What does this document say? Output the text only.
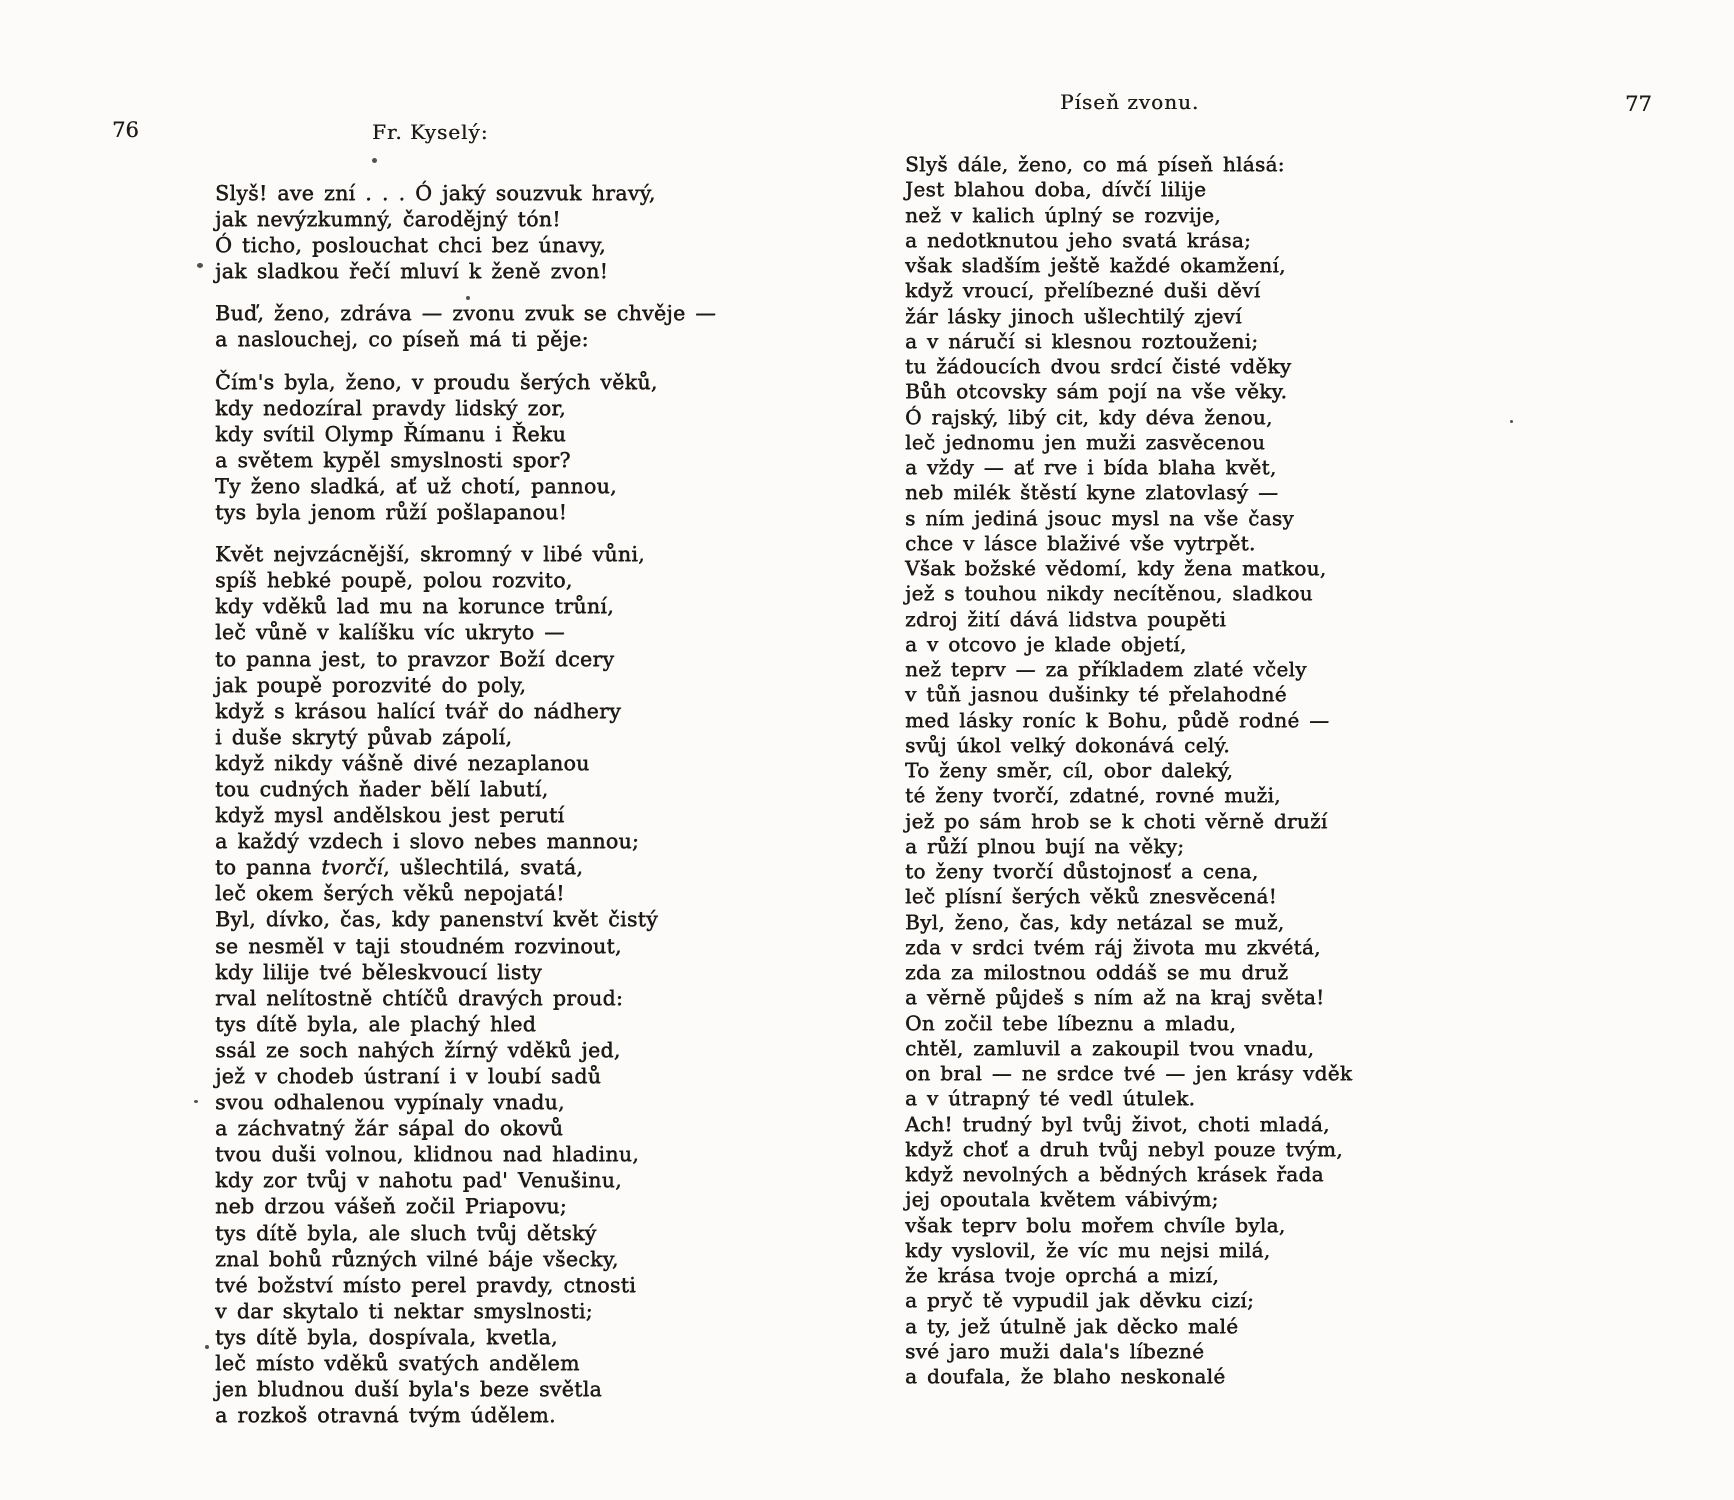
76	Fr. Kyselý:

Slyš! ave zní . . . Ó jaký souzvuk hravý,

jak nevýzkumný, čarodějný tón!

Ó ticho, poslouchat chci bez únavy,

jak sladkou řečí mluví k ženě zvon!

Buď, ženo, zdráva — zvonu zvuk se chvěje —

a naslouchej, co píseň má ti pěje:

Čím's byla, ženo, v proudu šerých věků,

kdy nedozíral pravdy lidský zor,

kdy svítil Olymp Římanu i Řeku

a světem kypěl smyslnosti spor?

Ty ženo sladká, ať už chotí, pannou,

tys byla jenom růží pošlapanou!

Květ nejvzácnější, skromný v libé vůni,

spíš hebké poupě, polou rozvito,

kdy vděků lad mu na korunce trůní,

leč vůně v kalíšku víc ukryto —

to panna jest, to pravzor Boží dcery

jak poupě porozvité do poly,

když s krásou halící tvář do nádhery

i duše skrytý půvab zápolí,

když nikdy vášně divé nezaplanou

tou cudných ňader bělí labutí,

když mysl andělskou jest perutí

a každý vzdech i slovo nebes mannou;

to panna tvorčí, ušlechtilá, svatá,

leč okem šerých věků nepojatá!

Byl, dívko, čas, kdy panenství květ čistý

se nesměl v taji stoudném rozvinout,

kdy lilije tvé běleskvoucí listy

rval nelítostně chtíčů dravých proud:

tys dítě byla, ale plachý hled

ssál ze soch nahých žírný vděků jed,

jež v chodeb ústraní i v loubí sadů

svou odhalenou vypínaly vnadu,

a záchvatný žár sápal do okovů

tvou duši volnou, klidnou nad hladinu,

kdy zor tvůj v nahotu pad' Venušinu,

neb drzou vášeň zočil Priapovu;

tys dítě byla, ale sluch tvůj dětský

znal bohů různých vilné báje všecky,

tvé božství místo perel pravdy, ctnosti

v dar skytalo ti nektar smyslnosti;

tys dítě byla, dospívala, kvetla,

leč místo vděků svatých andělem

jen bludnou duší byla's beze světla

a rozkoš otravná tvým údělem.

Píseň zvonu.	77

Slyš dále, ženo, co má píseň hlásá:

Jest blahou doba, dívčí lilije

než v kalich úplný se rozvije,

a nedotknutou jeho svatá krása;

však sladším ještě každé okamžení,

když vroucí, přelíbezné duši děví

žár lásky jinoch ušlechtilý zjeví

a v náručí si klesnou roztouženi;

tu žádoucích dvou srdcí čisté vděky

Bůh otcovsky sám pojí na vše věky.

Ó rajský, libý cit, kdy déva ženou,

leč jednomu jen muži zasvěcenou

a vždy — ať rve i bída blaha květ,

neb milék štěstí kyne zlatovlasý —

s ním jediná jsouc mysl na vše časy

chce v lásce blaživé vše vytrpět.

Však božské vědomí, kdy žena matkou,

jež s touhou nikdy necítěnou, sladkou

zdroj žití dává lidstva poupěti

a v otcovo je klade objetí,

než teprv — za příkladem zlaté včely

v tůň jasnou dušinky té přelahodné

med lásky roníc k Bohu, půdě rodné —

svůj úkol velký dokonává celý.

To ženy směr, cíl, obor daleký,

té ženy tvorčí, zdatné, rovné muži,

jež po sám hrob se k choti věrně druží

a růží plnou bují na věky;

to ženy tvorčí důstojnosť a cena,

leč plísní šerých věků znesvěcená!

Byl, ženo, čas, kdy netázal se muž,

zda v srdci tvém ráj života mu zkvétá,

zda za milostnou oddáš se mu druž

a věrně půjdeš s ním až na kraj světa!

On zočil tebe líbeznu a mladu,

chtěl, zamluvil a zakoupil tvou vnadu,

on bral — ne srdce tvé — jen krásy vděk

a v útrapný té vedl útulek.

Ach! trudný byl tvůj život, choti mladá,

když choť a druh tvůj nebyl pouze tvým,

když nevolných a bědných krásek řada

jej opoutala květem vábivým;

však teprv bolu mořem chvíle byla,

kdy vyslovil, že víc mu nejsi milá,

že krása tvoje oprchá a mizí,

a pryč tě vypudil jak děvku cizí;

a ty, jež útulně jak děcko malé

své jaro muži dala's líbezné

a doufala, že blaho neskonalé
